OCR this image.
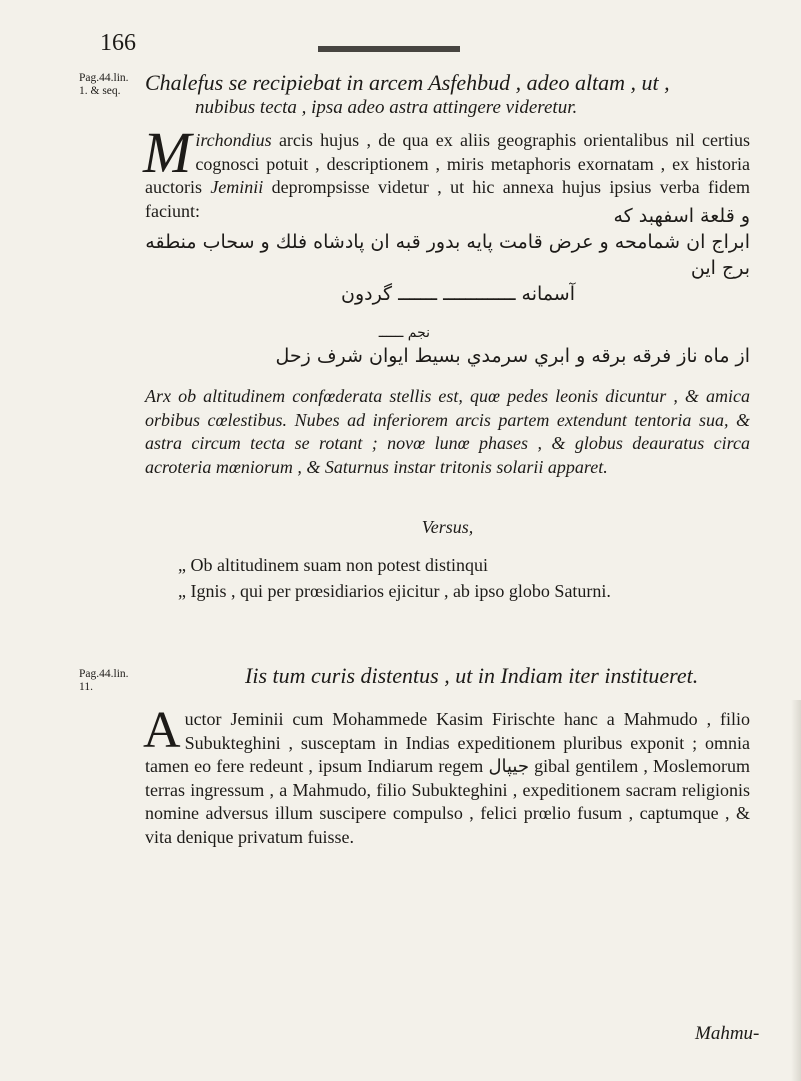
166
Pag.44.lin.
1. & seq.	Chalefus se recipiebat in arcem Asfehbud , adeo altam , ut ,
nubibus tecta , ipsa adeo astra attingere videretur.
Mirchondius arcis hujus , de qua ex aliis geographis orientalibus nil certius cognosci potuit , descriptionem , miris metaphoris exornatam , ex historia auctoris Jeminii deprompsisse videtur , ut hic annexa hujus ipsius verba fidem faciunt:	و قلعة اسفهبد كه
ابراج ان شمامحه و عرض قامت پايه بدور قبه ان پادشاه فلك و سحاب منطقه
برج اين
آسمانه ـــــــــــــ ـــــــ گردون
نجم ــــــ
از ماه ناز فرقه برقه و ابري سرمدي بسيط ايوان شرف زحل
Arx ob altitudinem confœderata stellis est, quœ pedes leonis dicuntur , & amica orbibus cœlestibus. Nubes ad inferiorem arcis partem extendunt tentoria sua, & astra circum tecta se rotant ; novœ lunœ phases , & globus deauratus circa acroteria mœniorum , & Saturnus instar tritonis solarii apparet.
Versus,
„ Ob altitudinem suam non potest distinqui
„ Ignis , qui per prœsidiarios ejicitur , ab ipso globo Saturni.
Pag.44.lin.
11.	Iis tum curis distentus , ut in Indiam iter institueret.
Auctor Jeminii cum Mohammede Kasim Firischte hanc a Mahmudo , filio Subukteghini , susceptam in Indias expeditionem pluribus exponit ; omnia tamen eo fere redeunt , ipsum Indiarum regem جيپال gibal gentilem , Moslemorum terras ingressum , a Mahmudo, filio Subukteghini , expeditionem sacram religionis nomine adversus illum suscipere compulso , felici prœlio fusum , captumque , & vita denique privatum fuisse.
Mahmu-
